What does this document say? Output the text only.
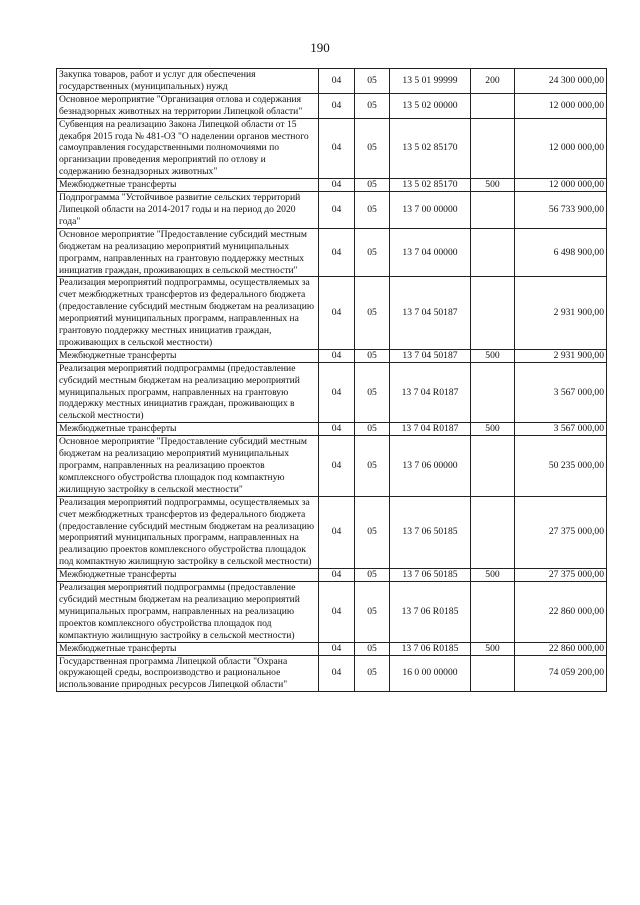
190
Закупка товаров, работ и услуг для обеспечения государственных (муниципальных) нужд	04	05	13 5 01 99999	200	24 300 000,00
Основное мероприятие "Организация отлова и содержания безнадзорных животных на территории Липецкой области"	04	05	13 5 02 00000		12 000 000,00
Субвенция на реализацию Закона Липецкой области от 15 декабря 2015 года № 481-ОЗ "О наделении органов местного самоуправления государственными полномочиями по организации проведения мероприятий по отлову и содержанию безнадзорных животных"	04	05	13 5 02 85170		12 000 000,00
Межбюджетные трансферты	04	05	13 5 02 85170	500	12 000 000,00
Подпрограмма "Устойчивое развитие сельских территорий Липецкой области на 2014-2017 годы и на период до 2020 года"	04	05	13 7 00 00000		56 733 900,00
Основное мероприятие "Предоставление субсидий местным бюджетам на реализацию мероприятий муниципальных программ, направленных на грантовую поддержку местных инициатив граждан, проживающих в сельской местности"	04	05	13 7 04 00000		6 498 900,00
Реализация мероприятий подпрограммы, осуществляемых за счет межбюджетных трансфертов из федерального бюджета (предоставление субсидий местным бюджетам на реализацию мероприятий муниципальных программ, направленных на грантовую поддержку местных инициатив граждан, проживающих в сельской местности)	04	05	13 7 04 50187		2 931 900,00
Межбюджетные трансферты	04	05	13 7 04 50187	500	2 931 900,00
Реализация мероприятий подпрограммы (предоставление субсидий местным бюджетам на реализацию мероприятий муниципальных программ, направленных на грантовую поддержку местных инициатив граждан, проживающих в сельской местности)	04	05	13 7 04 R0187		3 567 000,00
Межбюджетные трансферты	04	05	13 7 04 R0187	500	3 567 000,00
Основное мероприятие "Предоставление субсидий местным бюджетам на реализацию мероприятий муниципальных программ, направленных на реализацию проектов комплексного обустройства площадок под компактную жилищную застройку в сельской местности"	04	05	13 7 06 00000		50 235 000,00
Реализация мероприятий подпрограммы, осуществляемых за счет межбюджетных трансфертов из федерального бюджета (предоставление субсидий местным бюджетам на реализацию мероприятий муниципальных программ, направленных на реализацию проектов комплексного обустройства площадок под компактную жилищную застройку в сельской местности)	04	05	13 7 06 50185		27 375 000,00
Межбюджетные трансферты	04	05	13 7 06 50185	500	27 375 000,00
Реализация мероприятий подпрограммы (предоставление субсидий местным бюджетам на реализацию мероприятий муниципальных программ, направленных на реализацию проектов комплексного обустройства площадок под компактную жилищную застройку в сельской местности)	04	05	13 7 06 R0185		22 860 000,00
Межбюджетные трансферты	04	05	13 7 06 R0185	500	22 860 000,00
Государственная программа Липецкой области "Охрана окружающей среды, воспроизводство и рациональное использование природных ресурсов Липецкой области"	04	05	16 0 00 00000		74 059 200,00
